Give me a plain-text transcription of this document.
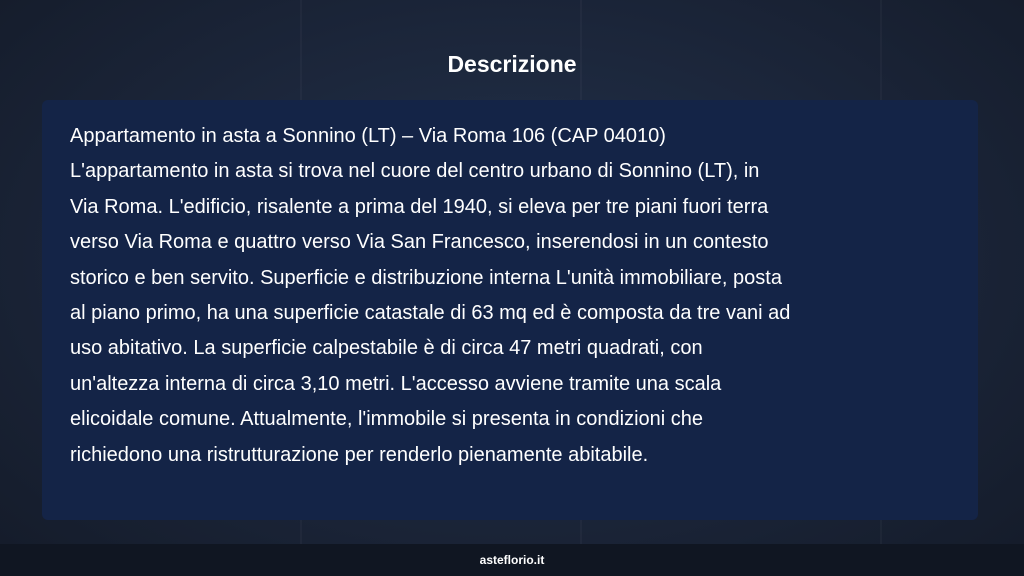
Descrizione
Appartamento in asta a Sonnino (LT) – Via Roma 106 (CAP 04010)
L'appartamento in asta si trova nel cuore del centro urbano di Sonnino (LT), in
Via Roma. L'edificio, risalente a prima del 1940, si eleva per tre piani fuori terra
verso Via Roma e quattro verso Via San Francesco, inserendosi in un contesto
storico e ben servito. Superficie e distribuzione interna L'unità immobiliare, posta
al piano primo, ha una superficie catastale di 63 mq ed è composta da tre vani ad
uso abitativo. La superficie calpestabile è di circa 47 metri quadrati, con
un'altezza interna di circa 3,10 metri. L'accesso avviene tramite una scala
elicoidale comune. Attualmente, l'immobile si presenta in condizioni che
richiedono una ristrutturazione per renderlo pienamente abitabile.
asteflorio.it
